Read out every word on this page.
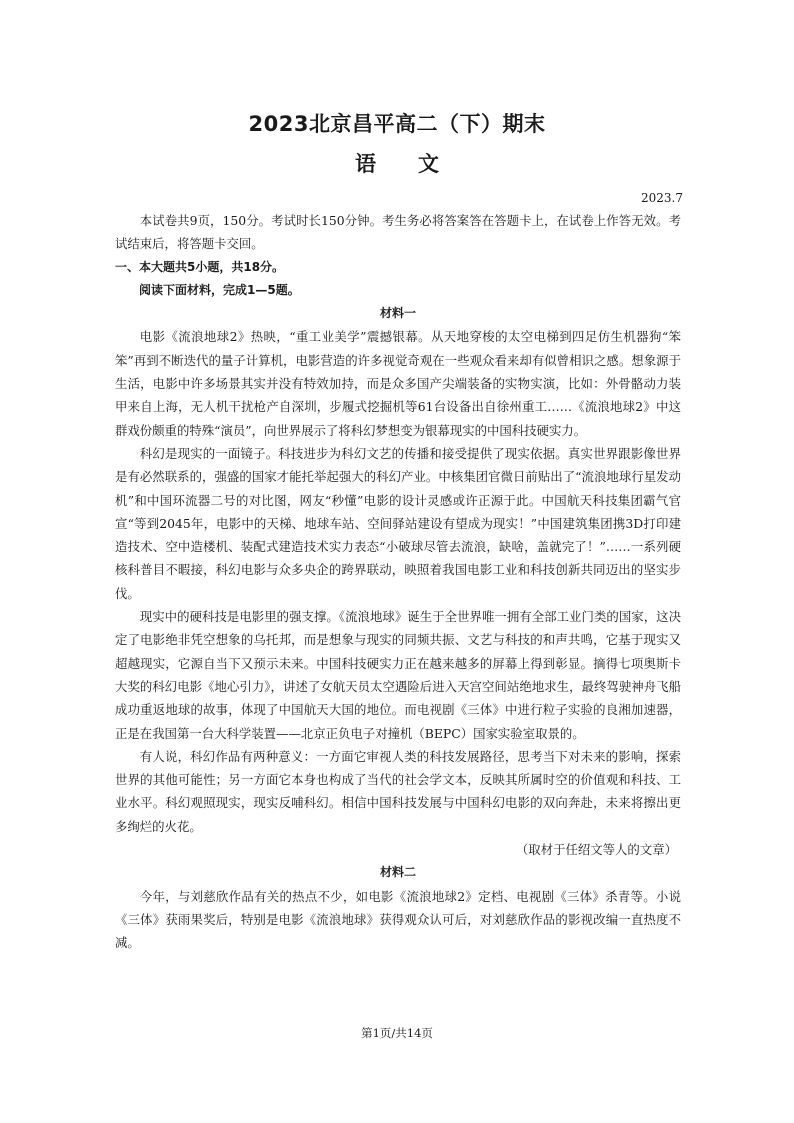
2023北京昌平高二（下）期末
语文
2023.7

本试卷共9页，150分。考试时长150分钟。考生务必将答案答在答题卡上，在试卷上作答无效。考试结束后，将答题卡交回。

一、本大题共5小题，共18分。

阅读下面材料，完成1—5题。

材料一

电影《流浪地球2》热映，“重工业美学”震撼银幕。从天地穿梭的太空电梯到四足仿生机器狗“笨笨”再到不断迭代的量子计算机，电影营造的许多视觉奇观在一些观众看来却有似曾相识之感。想象源于生活，电影中许多场景其实并没有特效加持，而是众多国产尖端装备的实物实演，比如：外骨骼动力装甲来自上海，无人机干扰枪产自深圳，步履式挖掘机等61台设备出自徐州重工……《流浪地球2》中这群戏份颇重的特殊“演员”，向世界展示了将科幻梦想变为银幕现实的中国科技硬实力。

科幻是现实的一面镜子。科技进步为科幻文艺的传播和接受提供了现实依据。真实世界跟影像世界是有必然联系的，强盛的国家才能托举起强大的科幻产业。中核集团官微日前贴出了“流浪地球行星发动机”和中国环流器二号的对比图，网友“秒懂”电影的设计灵感或许正源于此。中国航天科技集团霸气官宣“等到2045年，电影中的天梯、地球车站、空间驿站建设有望成为现实！”中国建筑集团携3D打印建造技术、空中造楼机、装配式建造技术实力表态“小破球尽管去流浪，缺啥，盖就完了！”……一系列硬核科普目不暇接，科幻电影与众多央企的跨界联动，映照着我国电影工业和科技创新共同迈出的坚实步伐。

现实中的硬科技是电影里的强支撑。《流浪地球》诞生于全世界唯一拥有全部工业门类的国家，这决定了电影绝非凭空想象的乌托邦，而是想象与现实的同频共振、文艺与科技的和声共鸣，它基于现实又超越现实，它源自当下又预示未来。中国科技硬实力正在越来越多的屏幕上得到彰显。摘得七项奥斯卡大奖的科幻电影《地心引力》，讲述了女航天员太空遇险后进入天宫空间站绝地求生，最终驾驶神舟飞船成功重返地球的故事，体现了中国航天大国的地位。而电视剧《三体》中进行粒子实验的良湘加速器，正是在我国第一台大科学装置——北京正负电子对撞机（BEPC）国家实验室取景的。

有人说，科幻作品有两种意义：一方面它审视人类的科技发展路径，思考当下对未来的影响，探索世界的其他可能性；另一方面它本身也构成了当代的社会学文本，反映其所属时空的价值观和科技、工业水平。科幻观照现实，现实反哺科幻。相信中国科技发展与中国科幻电影的双向奔赴，未来将擦出更多绚烂的火花。

（取材于任绍文等人的文章）

材料二

今年，与刘慈欣作品有关的热点不少，如电影《流浪地球2》定档、电视剧《三体》杀青等。小说《三体》获雨果奖后，特别是电影《流浪地球》获得观众认可后，对刘慈欣作品的影视改编一直热度不减。

第1页/共14页
